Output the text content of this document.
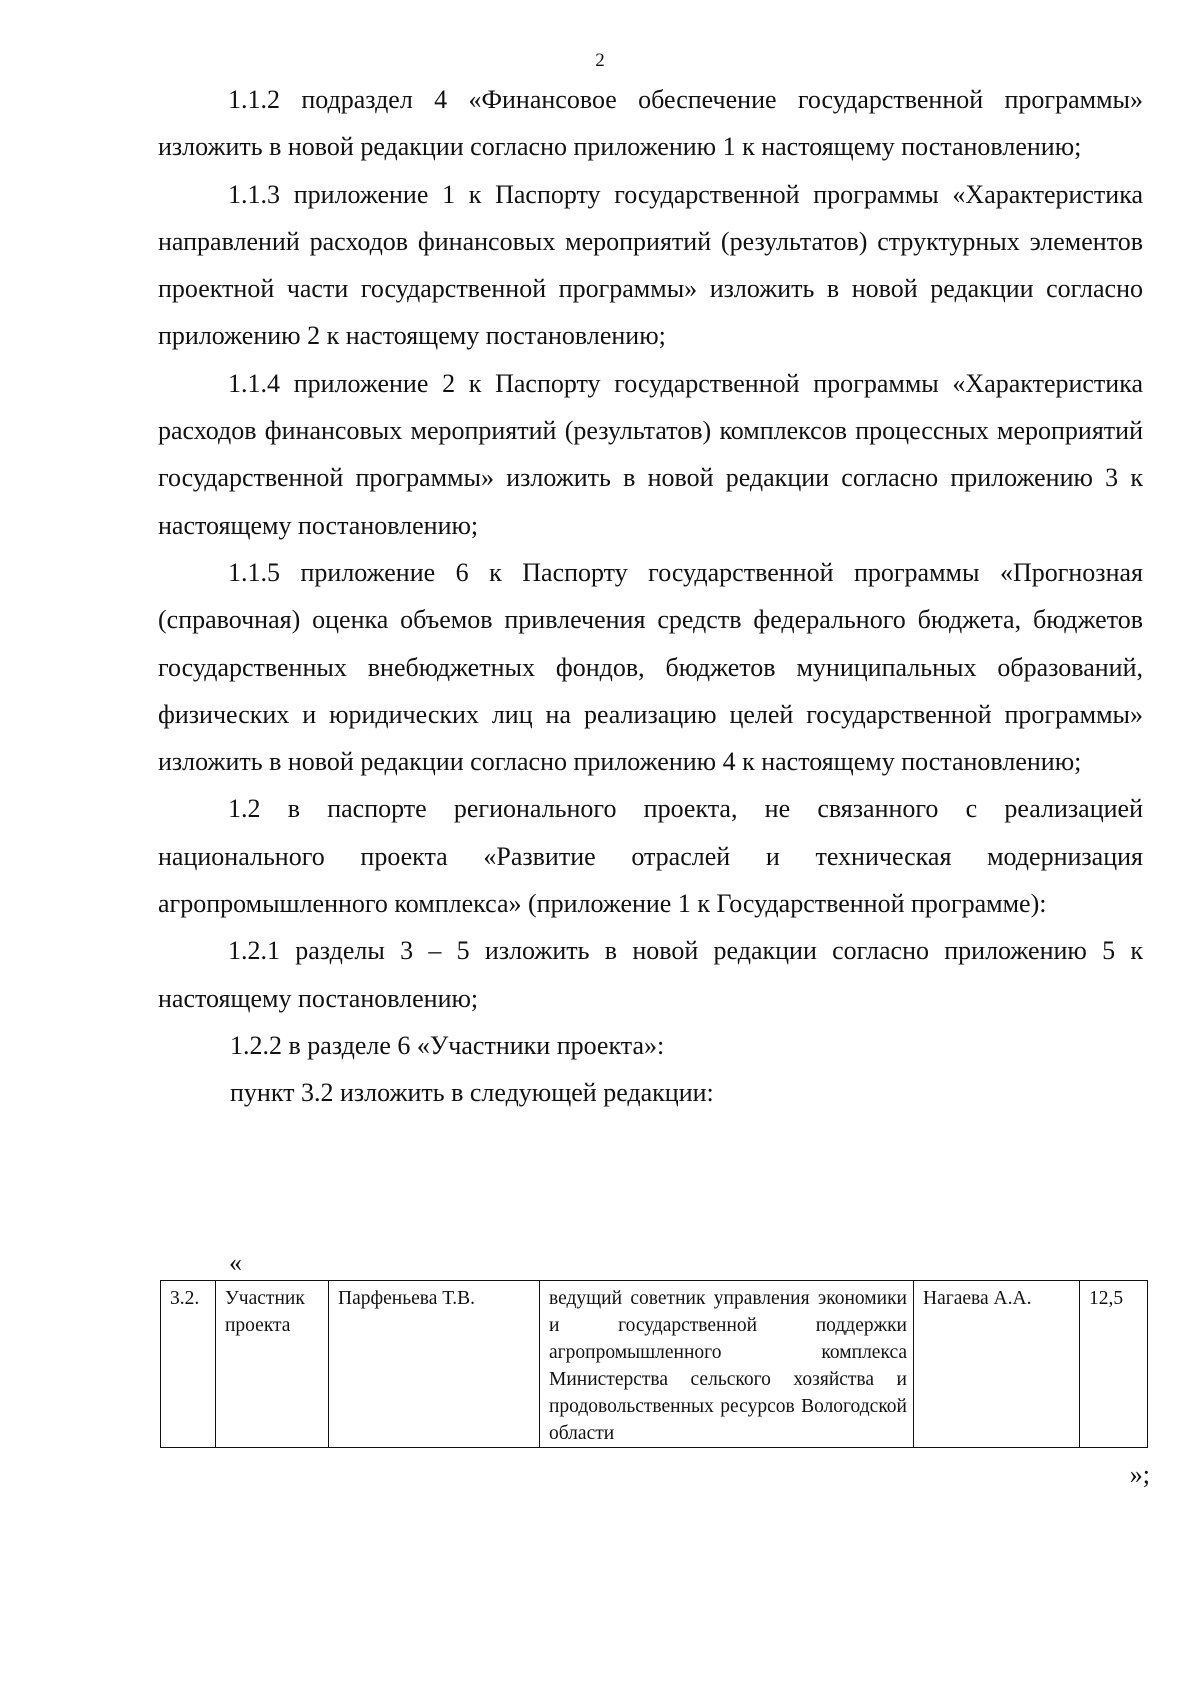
2

1.1.2 подраздел 4 «Финансовое обеспечение государственной программы» изложить в новой редакции согласно приложению 1 к настоящему постановлению;

1.1.3 приложение 1 к Паспорту государственной программы «Характеристика направлений расходов финансовых мероприятий (результатов) структурных элементов проектной части государственной программы» изложить в новой редакции согласно приложению 2 к настоящему постановлению;

1.1.4 приложение 2 к Паспорту государственной программы «Характеристика расходов финансовых мероприятий (результатов) комплексов процессных мероприятий государственной программы» изложить в новой редакции согласно приложению 3 к настоящему постановлению;

1.1.5 приложение 6 к Паспорту государственной программы «Прогнозная (справочная) оценка объемов привлечения средств федерального бюджета, бюджетов государственных внебюджетных фондов, бюджетов муниципальных образований, физических и юридических лиц на реализацию целей государственной программы» изложить в новой редакции согласно приложению 4 к настоящему постановлению;

1.2 в паспорте регионального проекта, не связанного с реализацией национального проекта «Развитие отраслей и техническая модернизация агропромышленного комплекса» (приложение 1 к Государственной программе):

1.2.1 разделы 3 – 5 изложить в новой редакции согласно приложению 5 к настоящему постановлению;

1.2.2 в разделе 6 «Участники проекта»:

пункт 3.2 изложить в следующей редакции:

«
3.2.	Участник проекта	Парфеньева Т.В.	ведущий советник управления экономики и государственной поддержки агропромышленного комплекса Министерства сельского хозяйства и продовольственных ресурсов Вологодской области	Нагаева А.А.	12,5
»;
